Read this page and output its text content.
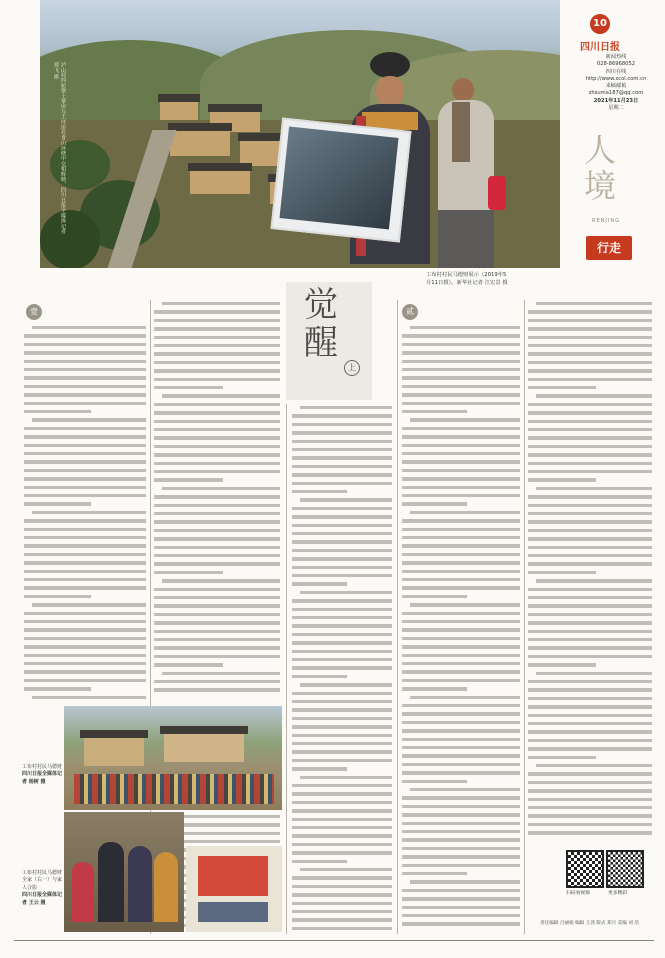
泸山村四轮堡土掌房与土坯房在青山环绕中交相辉映，四川日报全媒体记者 郑飞 摄
工布村村民马德财展示（2019年5
月11日摄）。新华社记者 江宏景 摄
10
四川日报
新闻热线
028-86968052
四川在线
http://www.scol.com.cn
来稿邮箱
zhsuma187@qq.com
2021年11月23日
星期二
人境
RENJING
行走
觉醒
上
壹	贰
工布村村民马德财
四川日报全媒体记者 杨树 摄
工布村村民马德财全家（右一）与家人合影
四川日报全媒体记者 王云 摄
扫码看视频	更多精彩
责任编辑 吕丽娟 编辑 王茜 版式 郑月 美编 刘 浩
